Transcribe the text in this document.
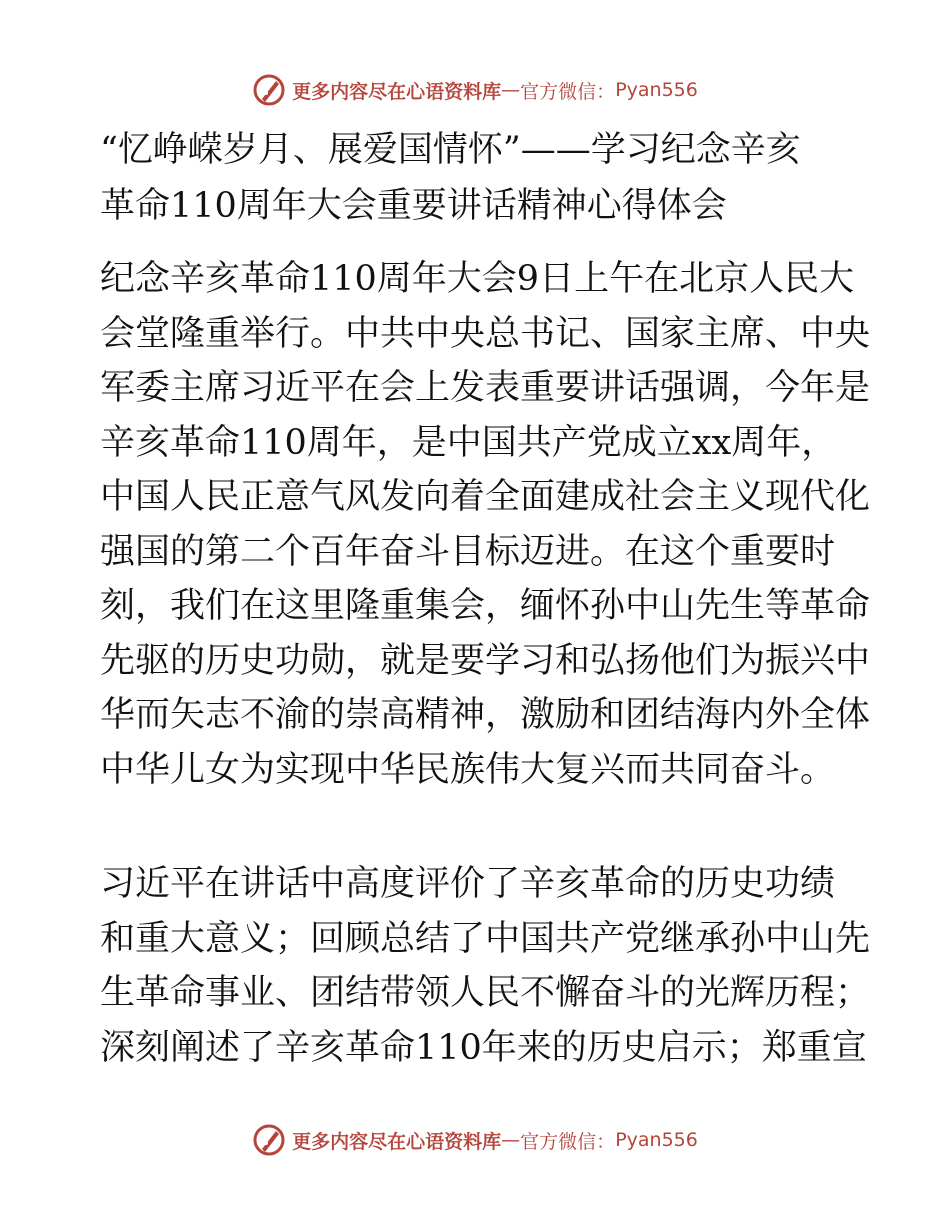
更多内容尽在心语资料库 — 官方微信： Pyan556
“忆峥嵘岁月、展爱国情怀”——学习纪念辛亥
革命110周年大会重要讲话精神心得体会
纪念辛亥革命110周年大会9日上午在北京人民大
会堂隆重举行。中共中央总书记、国家主席、中央
军委主席习近平在会上发表重要讲话强调，今年是
辛亥革命110周年，是中国共产党成立xx周年，
中国人民正意气风发向着全面建成社会主义现代化
强国的第二个百年奋斗目标迈进。在这个重要时
刻，我们在这里隆重集会，缅怀孙中山先生等革命
先驱的历史功勋，就是要学习和弘扬他们为振兴中
华而矢志不渝的崇高精神，激励和团结海内外全体
中华儿女为实现中华民族伟大复兴而共同奋斗。
习近平在讲话中高度评价了辛亥革命的历史功绩
和重大意义；回顾总结了中国共产党继承孙中山先
生革命事业、团结带领人民不懈奋斗的光辉历程；
深刻阐述了辛亥革命110年来的历史启示；郑重宣
更多内容尽在心语资料库 — 官方微信： Pyan556
